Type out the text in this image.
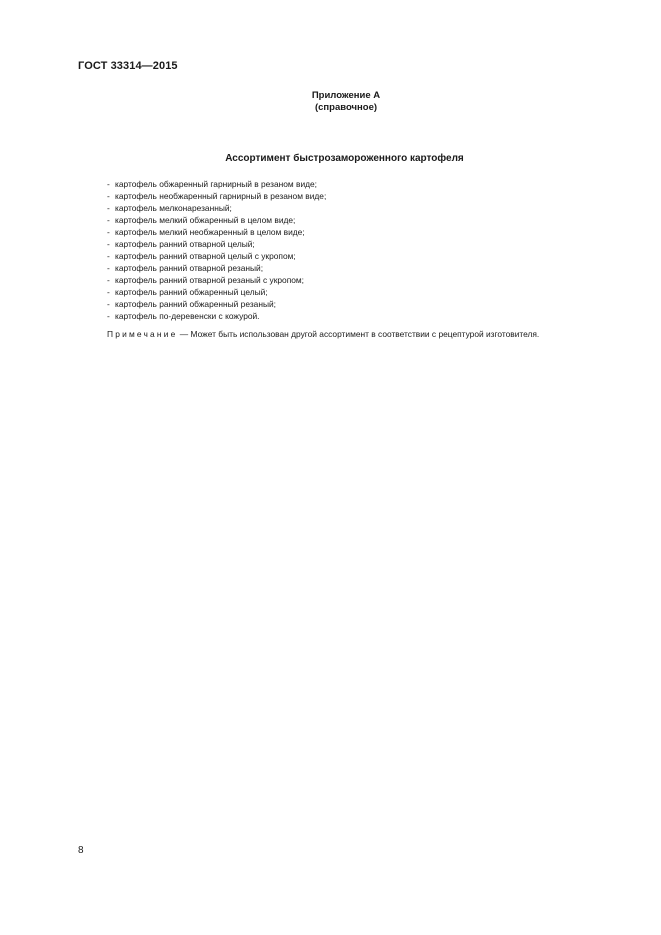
ГОСТ 33314—2015
Приложение А
(справочное)
Ассортимент быстрозамороженного картофеля
- картофель обжаренный гарнирный в резаном виде;
- картофель необжаренный гарнирный в резаном виде;
- картофель мелконарезанный;
- картофель мелкий обжаренный в целом виде;
- картофель мелкий необжаренный в целом виде;
- картофель ранний отварной целый;
- картофель ранний отварной целый с укропом;
- картофель ранний отварной резаный;
- картофель ранний отварной резаный с укропом;
- картофель ранний обжаренный целый;
- картофель ранний обжаренный резаный;
- картофель по-деревенски с кожурой.
Примечание — Может быть использован другой ассортимент в соответствии с рецептурой изготовителя.
8
